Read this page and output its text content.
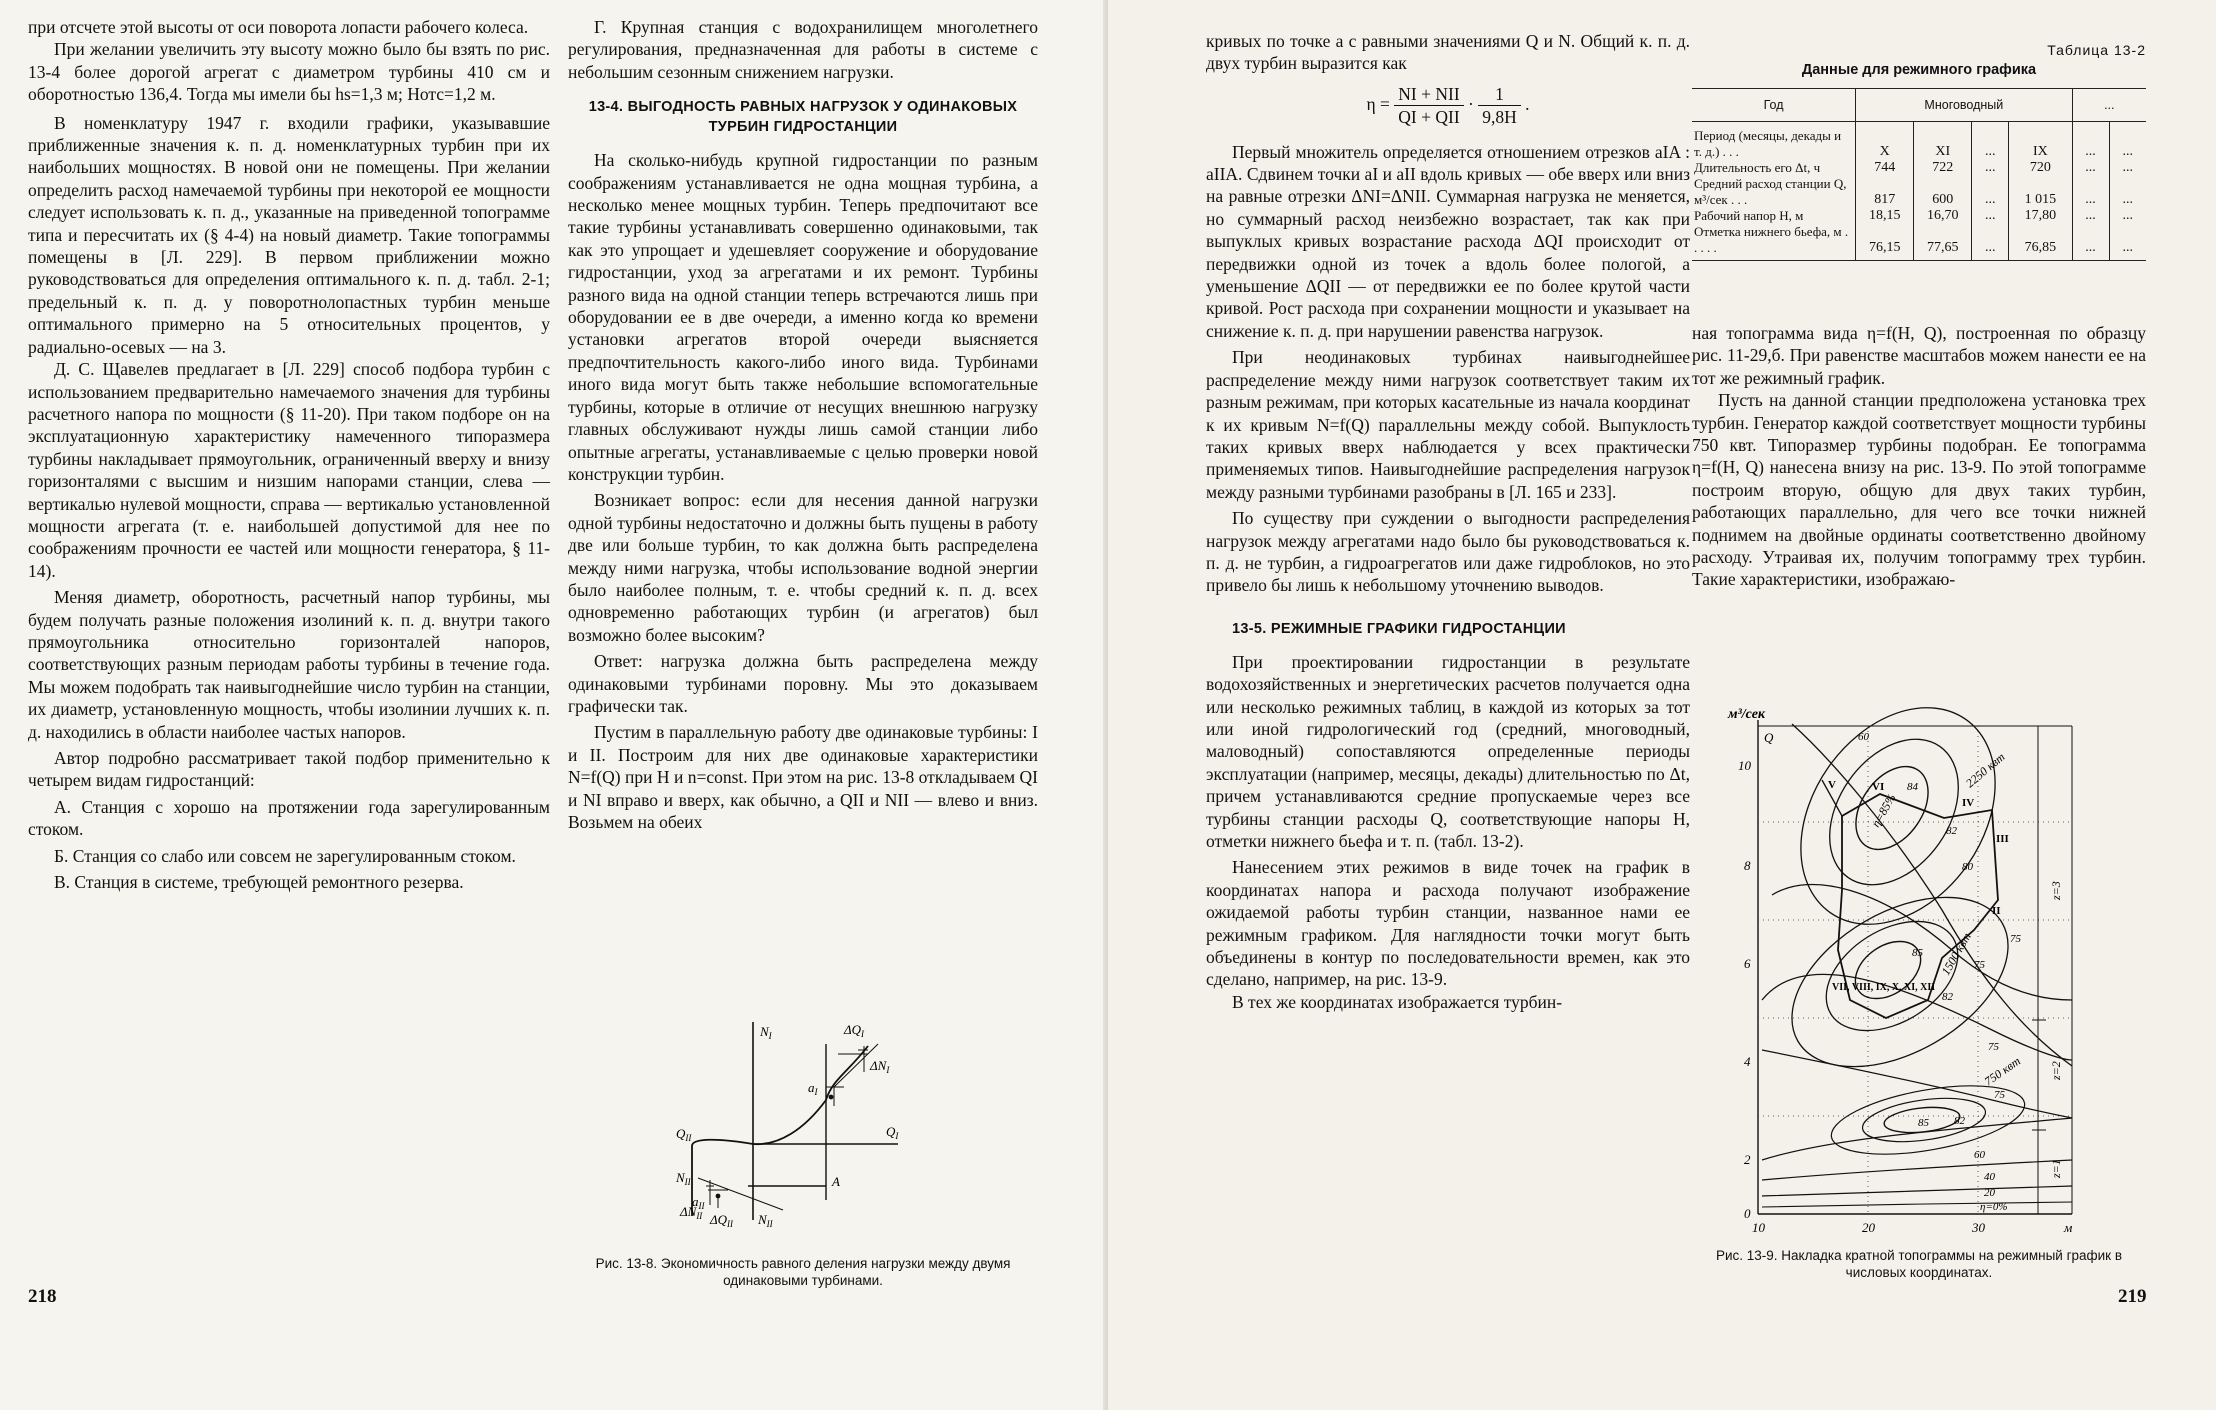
при отсчете этой высоты от оси поворота лопасти рабочего колеса.

При желании увеличить эту высоту можно было бы взять по рис. 13-4 более дорогой агрегат с диаметром турбины 410 см и оборотностью 136,4. Тогда мы имели бы hs=1,3 м; Hотс=1,2 м.

В номенклатуру 1947 г. входили графики, указывавшие приближенные значения к. п. д. номенклатурных турбин при их наибольших мощностях. В новой они не помещены. При желании определить расход намечаемой турбины при некоторой ее мощности следует использовать к. п. д., указанные на приведенной топограмме типа и пересчитать их (§ 4-4) на новый диаметр. Такие топограммы помещены в [Л. 229]. В первом приближении можно руководствоваться для определения оптимального к. п. д. табл. 2-1; предельный к. п. д. у поворотнолопастных турбин меньше оптимального примерно на 5 относительных процентов, у радиально-осевых — на 3.

Д. С. Щавелев предлагает в [Л. 229] способ подбора турбин с использованием предварительно намечаемого значения для турбины расчетного напора по мощности (§ 11-20). При таком подборе он на эксплуатационную характеристику намеченного типоразмера турбины накладывает прямоугольник, ограниченный вверху и внизу горизонталями с высшим и низшим напорами станции, слева — вертикалью нулевой мощности, справа — вертикалью установленной мощности агрегата (т. е. наибольшей допустимой для нее по соображениям прочности ее частей или мощности генератора, § 11-14).

Меняя диаметр, оборотность, расчетный напор турбины, мы будем получать разные положения изолиний к. п. д. внутри такого прямоугольника относительно горизонталей напоров, соответствующих разным периодам работы турбины в течение года. Мы можем подобрать так наивыгоднейшие число турбин на станции, их диаметр, установленную мощность, чтобы изолинии лучших к. п. д. находились в области наиболее частых напоров.

Автор подробно рассматривает такой подбор применительно к четырем видам гидростанций:

А. Станция с хорошо на протяжении года зарегулированным стоком.

Б. Станция со слабо или совсем не зарегулированным стоком.

В. Станция в системе, требующей ремонтного резерва.

Г. Крупная станция с водохранилищем многолетнего регулирования, предназначенная для работы в системе с небольшим сезонным снижением нагрузки.

13-4. ВЫГОДНОСТЬ РАВНЫХ НАГРУЗОК У ОДИНАКОВЫХ ТУРБИН ГИДРОСТАНЦИИ

На сколько-нибудь крупной гидростанции по разным соображениям устанавливается не одна мощная турбина, а несколько менее мощных турбин. Теперь предпочитают все такие турбины устанавливать совершенно одинаковыми, так как это упрощает и удешевляет сооружение и оборудование гидростанции, уход за агрегатами и их ремонт. Турбины разного вида на одной станции теперь встречаются лишь при оборудовании ее в две очереди, а именно когда ко времени установки агрегатов второй очереди выясняется предпочтительность какого-либо иного вида. Турбинами иного вида могут быть также небольшие вспомогательные турбины, которые в отличие от несущих внешнюю нагрузку главных обслуживают нужды лишь самой станции либо опытные агрегаты, устанавливаемые с целью проверки новой конструкции турбин.

Возникает вопрос: если для несения данной нагрузки одной турбины недостаточно и должны быть пущены в работу две или больше турбин, то как должна быть распределена между ними нагрузка, чтобы использование водной энергии было наиболее полным, т. е. чтобы средний к. п. д. всех одновременно работающих турбин (и агрегатов) был возможно более высоким?

Ответ: нагрузка должна быть распределена между одинаковыми турбинами поровну. Мы это доказываем графически так.

Пустим в параллельную работу две одинаковые турбины: I и II. Построим для них две одинаковые характеристики N=f(Q) при H и n=const. При этом на рис. 13-8 откладываем QI и NI вправо и вверх, как обычно, а QII и NII — влево и вниз. Возьмем на обеих

$N_I$	$\Delta Q_I$
$a_I$
$\Delta N_I$
$Q_I$
$Q_{II}$
A
$N_{II}$
$a_{II}$
$\Delta N_{II}$ $\Delta Q_{II}$ $N_{II}$
Рис. 13-8. Экономичность равного деления нагрузки между двумя одинаковыми турбинами.
218

кривых по точке a с равными значениями Q и N. Общий к. п. д. двух турбин выразится как

$\eta = \frac{\text{NI + NII}}{\text{QI + QII}} \cdot \frac{1}{9,8H}$ .

Первый множитель определяется отношением отрезков aIA : aIIA. Сдвинем точки aI и aII вдоль кривых — обе вверх или вниз на равные отрезки ΔNI=ΔNII. Суммарная нагрузка не меняется, но суммарный расход неизбежно возрастает, так как при выпуклых кривых возрастание расхода ΔQI происходит от передвижки одной из точек a вдоль более пологой, а уменьшение ΔQII — от передвижки ее по более крутой части кривой. Рост расхода при сохранении мощности и указывает на снижение к. п. д. при нарушении равенства нагрузок.

При неодинаковых турбинах наивыгоднейшее распределение между ними нагрузок соответствует таким их разным режимам, при которых касательные из начала координат к их кривым N=f(Q) параллельны между собой. Выпуклость таких кривых вверх наблюдается у всех практически применяемых типов. Наивыгоднейшие распределения нагрузок между разными турбинами разобраны в [Л. 165 и 233].

По существу при суждении о выгодности распределения нагрузок между агрегатами надо было бы руководствоваться к. п. д. не турбин, а гидроагрегатов или даже гидроблоков, но это привело бы лишь к небольшому уточнению выводов.

13-5. РЕЖИМНЫЕ ГРАФИКИ ГИДРОСТАНЦИИ

При проектировании гидростанции в результате водохозяйственных и энергетических расчетов получается одна или несколько режимных таблиц, в каждой из которых за тот или иной гидрологический год (средний, многоводный, маловодный) сопоставляются определенные периоды эксплуатации (например, месяцы, декады) длительностью по Δt, причем устанавливаются средние пропускаемые через все турбины станции расходы Q, соответствующие напоры H, отметки нижнего бьефа и т. п. (табл. 13-2).

Нанесением этих режимов в виде точек на график в координатах напора и расхода получают изображение ожидаемой работы турбин станции, названное нами ее режимным графиком. Для наглядности точки могут быть объединены в контур по последовательности времен, как это сделано, например, на рис. 13-9.

В тех же координатах изображается турбин-

Таблица 13-2
Данные для режимного графика
Год	Многоводный				...	
Период (месяцы, декады и т. д.) . . .	X	XI	...	IX	...	...
Длительность его Δt, ч	744	722	...	720	...	...
Средний расход станции Q, м³/сек . . .	817	600	...	1 015	...	...
Рабочий напор H, м	18,15	16,70	...	17,80	...	...
Отметка нижнего бьефа, м . . . . .	76,15	77,65	...	76,85	...	...

ная топограмма вида η=f(H, Q), построенная по образцу рис. 11-29,б. При равенстве масштабов можем нанести ее на тот же режимный график.

Пусть на данной станции предположена установка трех турбин. Генератор каждой соответствует мощности турбины 750 квт. Типоразмер турбины подобран. Ее топограмма η=f(H, Q) нанесена внизу на рис. 13-9. По этой топограмме построим вторую, общую для двух таких турбин, работающих параллельно, для чего все точки нижней поднимем на двойные ординаты соответственно двойному расходу. Утраивая их, получим топограмму трех турбин. Такие характеристики, изображаю-

м³/сек
Q
10
8
6
4
2
0
10	20	30	м
η=85%
84
82
80
75
75
85
82
75
85 82
75
60
40
20
η=0%
60
2250 квт
1500 квт
750 квт
z=3
z=2
z=1
V	VI
IV
III
II
VII, VIII, IX, X, XI, XII
Рис. 13-9. Накладка кратной топограммы на режимный график в числовых координатах.
219
